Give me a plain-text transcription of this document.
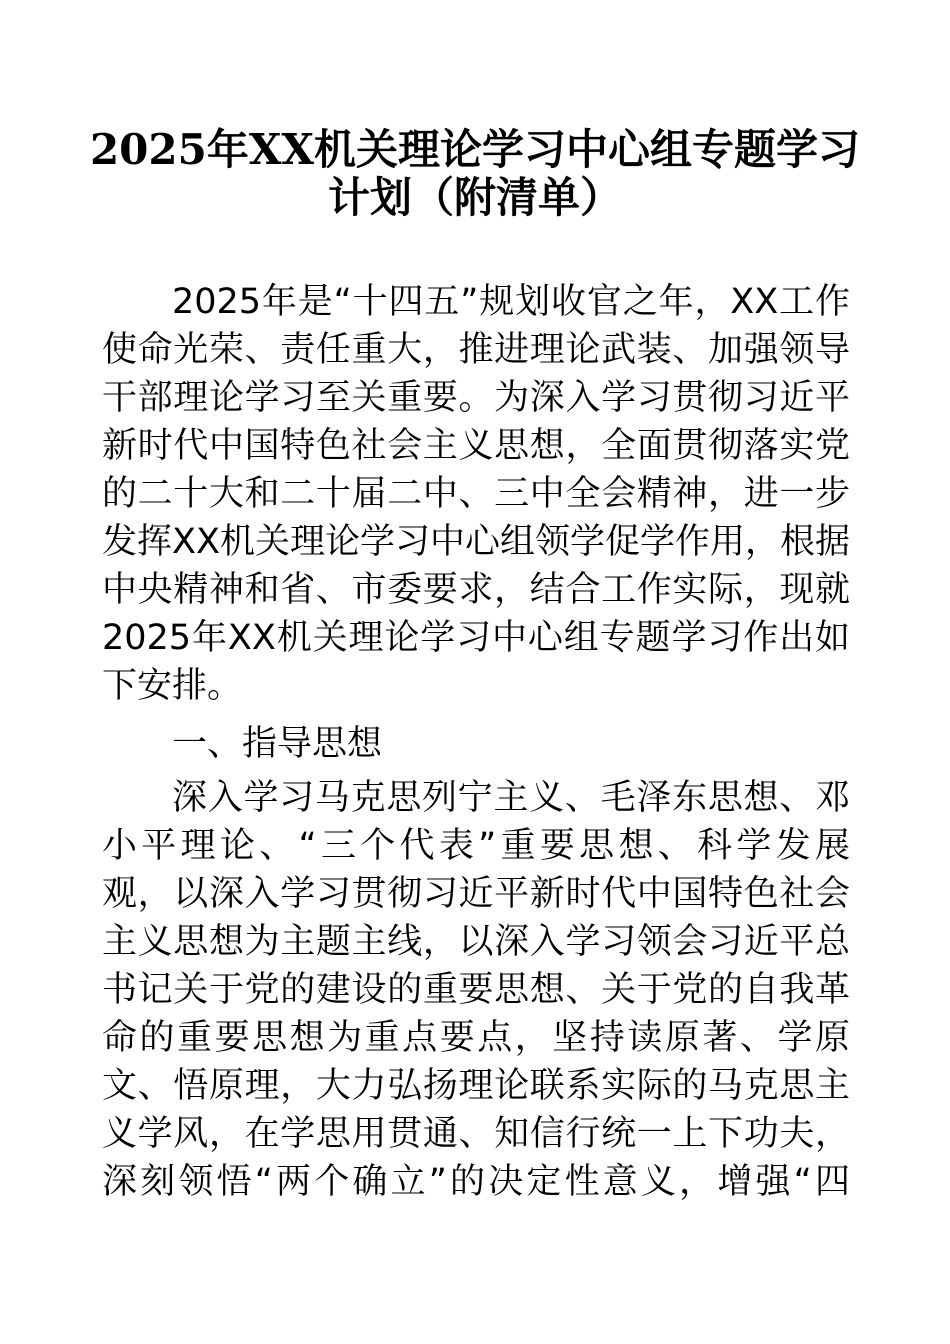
2025年XX机关理论学习中心组专题学习
计划（附清单）
2025年是“十四五”规划收官之年，XX工作
使命光荣、责任重大，推进理论武装、加强领导
干部理论学习至关重要。为深入学习贯彻习近平
新时代中国特色社会主义思想，全面贯彻落实党
的二十大和二十届二中、三中全会精神，进一步
发挥XX机关理论学习中心组领学促学作用，根据
中央精神和省、市委要求，结合工作实际，现就
2025年XX机关理论学习中心组专题学习作出如
下安排。
一、指导思想
深入学习马克思列宁主义、毛泽东思想、邓
小平理论、“三个代表”重要思想、科学发展
观，以深入学习贯彻习近平新时代中国特色社会
主义思想为主题主线，以深入学习领会习近平总
书记关于党的建设的重要思想、关于党的自我革
命的重要思想为重点要点，坚持读原著、学原
文、悟原理，大力弘扬理论联系实际的马克思主
义学风，在学思用贯通、知信行统一上下功夫，
深刻领悟“两个确立”的决定性意义，增强“四
